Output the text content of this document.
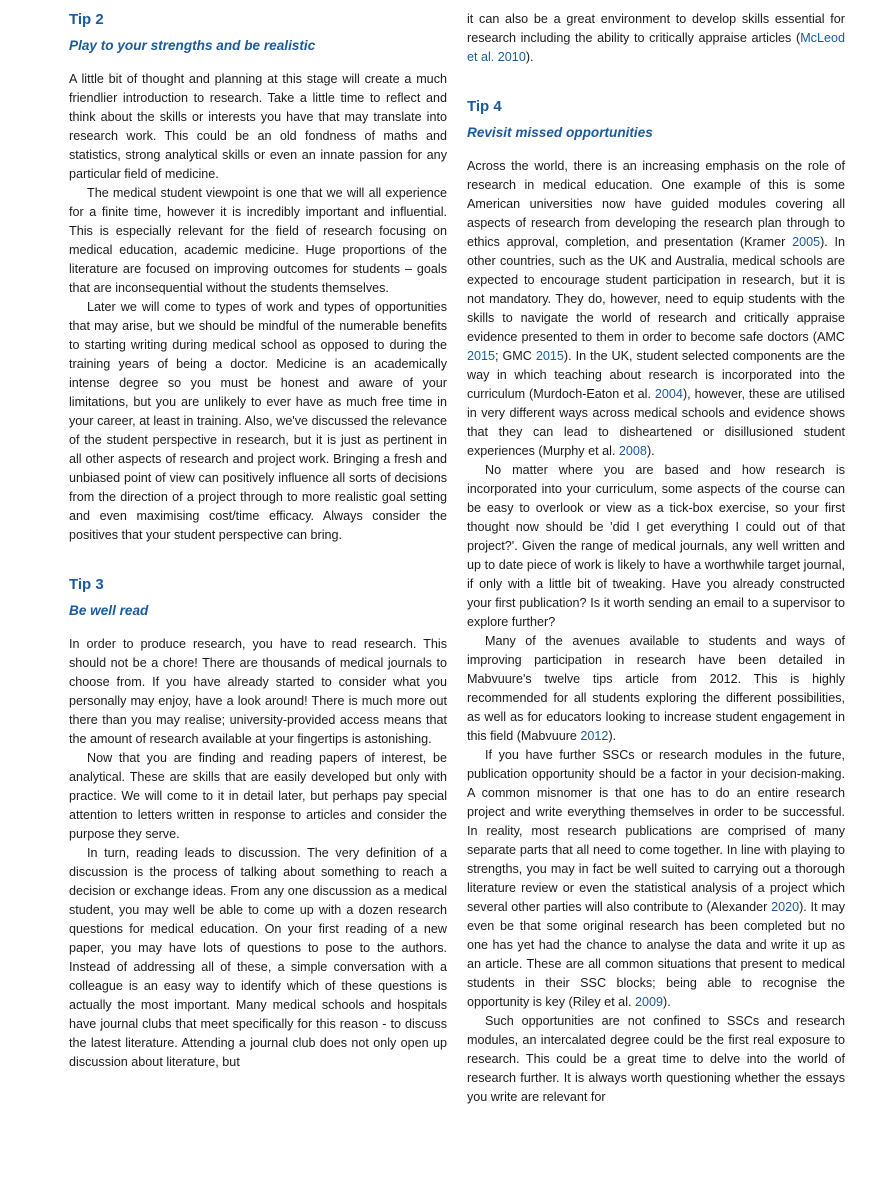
Tip 2
Play to your strengths and be realistic

A little bit of thought and planning at this stage will create a much friendlier introduction to research. Take a little time to reflect and think about the skills or interests you have that may translate into research work. This could be an old fondness of maths and statistics, strong analytical skills or even an innate passion for any particular field of medicine.

The medical student viewpoint is one that we will all experience for a finite time, however it is incredibly important and influential. This is especially relevant for the field of research focusing on medical education, academic medicine. Huge proportions of the literature are focused on improving outcomes for students – goals that are inconsequential without the students themselves.

Later we will come to types of work and types of opportunities that may arise, but we should be mindful of the numerable benefits to starting writing during medical school as opposed to during the training years of being a doctor. Medicine is an academically intense degree so you must be honest and aware of your limitations, but you are unlikely to ever have as much free time in your career, at least in training. Also, we've discussed the relevance of the student perspective in research, but it is just as pertinent in all other aspects of research and project work. Bringing a fresh and unbiased point of view can positively influence all sorts of decisions from the direction of a project through to more realistic goal setting and even maximising cost/time efficacy. Always consider the positives that your student perspective can bring.

Tip 3
Be well read

In order to produce research, you have to read research. This should not be a chore! There are thousands of medical journals to choose from. If you have already started to consider what you personally may enjoy, have a look around! There is much more out there than you may realise; university-provided access means that the amount of research available at your fingertips is astonishing.

Now that you are finding and reading papers of interest, be analytical. These are skills that are easily developed but only with practice. We will come to it in detail later, but perhaps pay special attention to letters written in response to articles and consider the purpose they serve.

In turn, reading leads to discussion. The very definition of a discussion is the process of talking about something to reach a decision or exchange ideas. From any one discussion as a medical student, you may well be able to come up with a dozen research questions for medical education. On your first reading of a new paper, you may have lots of questions to pose to the authors. Instead of addressing all of these, a simple conversation with a colleague is an easy way to identify which of these questions is actually the most important. Many medical schools and hospitals have journal clubs that meet specifically for this reason - to discuss the latest literature. Attending a journal club does not only open up discussion about literature, but

it can also be a great environment to develop skills essential for research including the ability to critically appraise articles (McLeod et al. 2010).

Tip 4
Revisit missed opportunities

Across the world, there is an increasing emphasis on the role of research in medical education. One example of this is some American universities now have guided modules covering all aspects of research from developing the research plan through to ethics approval, completion, and presentation (Kramer 2005). In other countries, such as the UK and Australia, medical schools are expected to encourage student participation in research, but it is not mandatory. They do, however, need to equip students with the skills to navigate the world of research and critically appraise evidence presented to them in order to become safe doctors (AMC 2015; GMC 2015). In the UK, student selected components are the way in which teaching about research is incorporated into the curriculum (Murdoch-Eaton et al. 2004), however, these are utilised in very different ways across medical schools and evidence shows that they can lead to disheartened or disillusioned student experiences (Murphy et al. 2008).

No matter where you are based and how research is incorporated into your curriculum, some aspects of the course can be easy to overlook or view as a tick-box exercise, so your first thought now should be 'did I get everything I could out of that project?'. Given the range of medical journals, any well written and up to date piece of work is likely to have a worthwhile target journal, if only with a little bit of tweaking. Have you already constructed your first publication? Is it worth sending an email to a supervisor to explore further?

Many of the avenues available to students and ways of improving participation in research have been detailed in Mabvuure's twelve tips article from 2012. This is highly recommended for all students exploring the different possibilities, as well as for educators looking to increase student engagement in this field (Mabvuure 2012).

If you have further SSCs or research modules in the future, publication opportunity should be a factor in your decision-making. A common misnomer is that one has to do an entire research project and write everything themselves in order to be successful. In reality, most research publications are comprised of many separate parts that all need to come together. In line with playing to strengths, you may in fact be well suited to carrying out a thorough literature review or even the statistical analysis of a project which several other parties will also contribute to (Alexander 2020). It may even be that some original research has been completed but no one has yet had the chance to analyse the data and write it up as an article. These are all common situations that present to medical students in their SSC blocks; being able to recognise the opportunity is key (Riley et al. 2009).

Such opportunities are not confined to SSCs and research modules, an intercalated degree could be the first real exposure to research. This could be a great time to delve into the world of research further. It is always worth questioning whether the essays you write are relevant for
